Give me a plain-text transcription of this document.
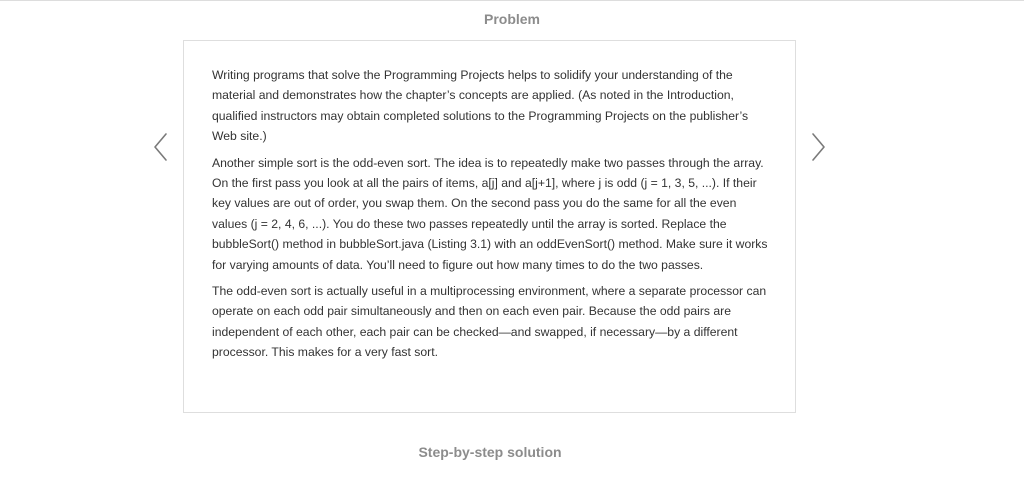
Problem

Writing programs that solve the Programming Projects helps to solidify your understanding of the material and demonstrates how the chapter’s concepts are applied. (As noted in the Introduction, qualified instructors may obtain completed solutions to the Programming Projects on the publisher’s Web site.)

Another simple sort is the odd-even sort. The idea is to repeatedly make two passes through the array. On the first pass you look at all the pairs of items, a[j] and a[j+1], where j is odd (j = 1, 3, 5, ...). If their key values are out of order, you swap them. On the second pass you do the same for all the even values (j = 2, 4, 6, ...). You do these two passes repeatedly until the array is sorted. Replace the bubbleSort() method in bubbleSort.java (Listing 3.1) with an oddEvenSort() method. Make sure it works for varying amounts of data. You’ll need to figure out how many times to do the two passes.

The odd-even sort is actually useful in a multiprocessing environment, where a separate processor can operate on each odd pair simultaneously and then on each even pair. Because the odd pairs are independent of each other, each pair can be checked—and swapped, if necessary—by a different processor. This makes for a very fast sort.

Step-by-step solution
